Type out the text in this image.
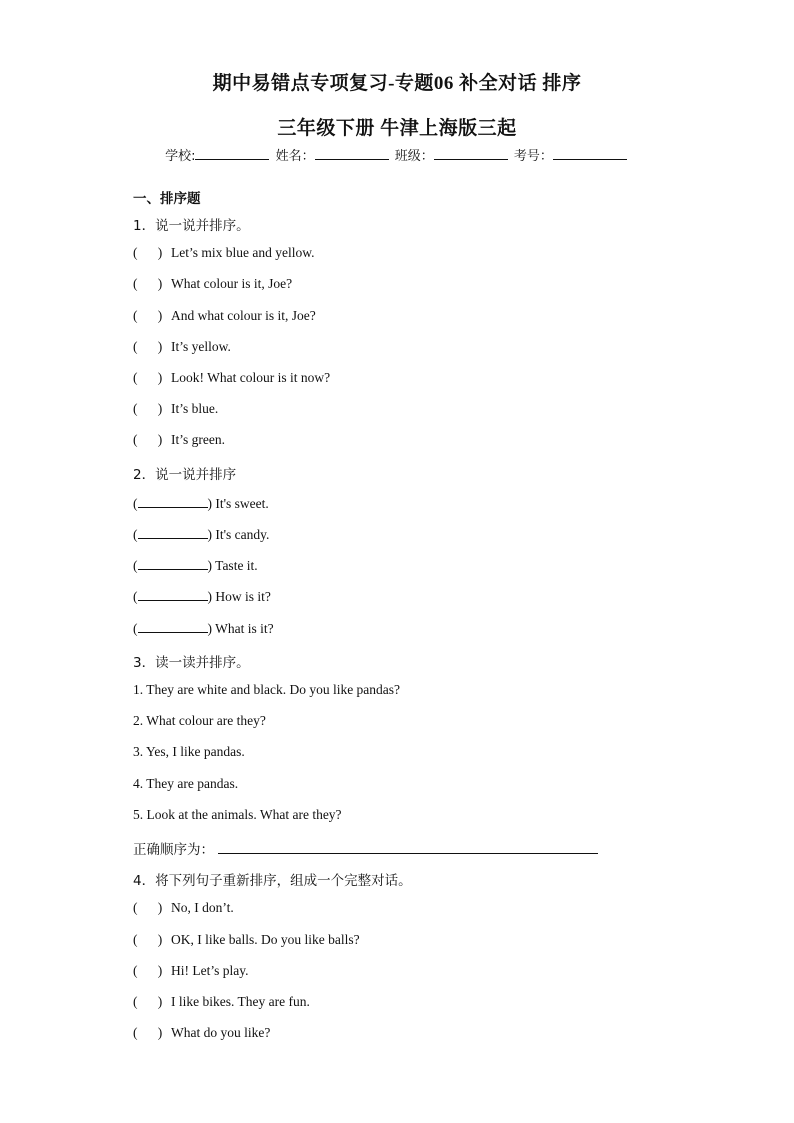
期中易错点专项复习-专题06 补全对话 排序
三年级下册 牛津上海版三起
学校:	姓名：	班级：	考号：
一、排序题
1．说一说并排序。
(      ) Let’s mix blue and yellow.
(      ) What colour is it, Joe?
(      ) And what colour is it, Joe?
(      ) It’s yellow.
(      ) Look! What colour is it now?
(      ) It’s blue.
(      ) It’s green.
2．说一说并排序
(	) It's sweet.
(	) It's candy.
(	) Taste it.
(	) How is it?
(	) What is it?
3．读一读并排序。
1. They are white and black. Do you like pandas?
2. What colour are they?
3. Yes, I like pandas.
4. They are pandas.
5. Look at the animals. What are they?
正确顺序为：
4．将下列句子重新排序，组成一个完整对话。
(      ) No, I don’t.
(      ) OK, I like balls. Do you like balls?
(      ) Hi! Let’s play.
(      ) I like bikes. They are fun.
(      ) What do you like?
